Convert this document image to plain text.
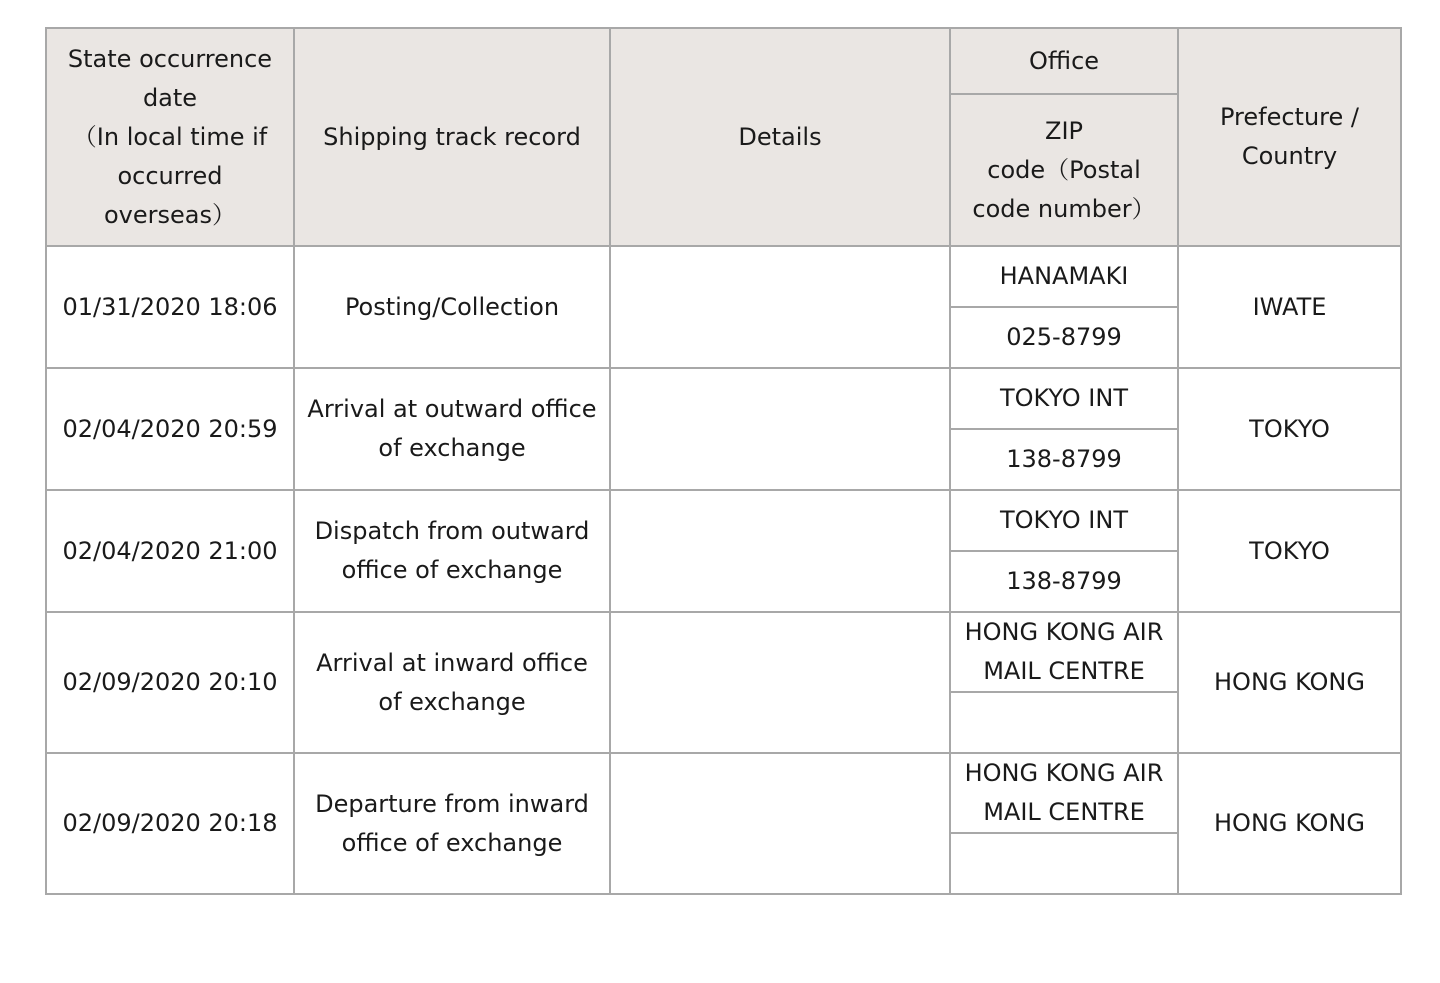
State occurrence
date
（In local time if
occurred
overseas）	Shipping track record	Details	Office	Prefecture /
Country
			ZIP
code（Postal
code number）	
01/31/2020 18:06	Posting/Collection		HANAMAKI	IWATE
			025-8799	
02/04/2020 20:59	Arrival at outward office of exchange		TOKYO INT	TOKYO
			138-8799	
02/04/2020 21:00	Dispatch from outward office of exchange		TOKYO INT	TOKYO
			138-8799	
02/09/2020 20:10	Arrival at inward office of exchange		HONG KONG AIR MAIL CENTRE	HONG KONG

02/09/2020 20:18	Departure from inward office of exchange		HONG KONG AIR MAIL CENTRE	HONG KONG
